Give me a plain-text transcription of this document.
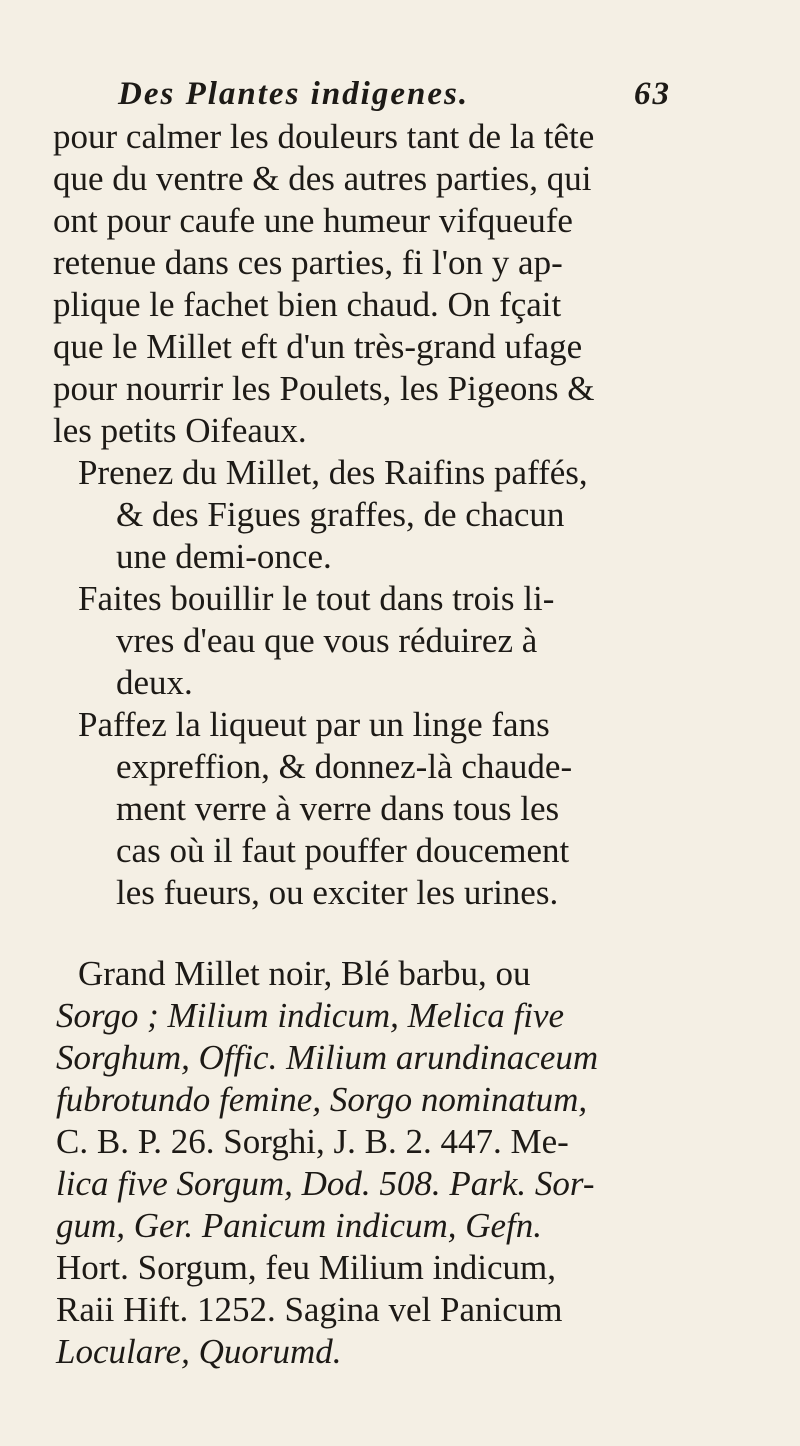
Des Plantes indigenes.	63
pour calmer les douleurs tant de la tête
que du ventre & des autres parties, qui
ont pour caufe une humeur vifqueufe
retenue dans ces parties, fi l'on y ap-
plique le fachet bien chaud. On fçait
que le Millet eft d'un très-grand ufage
pour nourrir les Poulets, les Pigeons &
les petits Oifeaux.
Prenez du Millet, des Raifins paffés,
& des Figues graffes, de chacun
une demi-once.
Faites bouillir le tout dans trois li-
vres d'eau que vous réduirez à
deux.
Paffez la liqueut par un linge fans
expreffion, & donnez-là chaude-
ment verre à verre dans tous les
cas où il faut pouffer doucement
les fueurs, ou exciter les urines.
Grand Millet noir, Blé barbu, ou
Sorgo ; Milium indicum, Melica five
Sorghum, Offic. Milium arundinaceum
fubrotundo femine, Sorgo nominatum,
C. B. P. 26. Sorghi, J. B. 2. 447. Me-
lica five Sorgum, Dod. 508. Park. Sor-
gum, Ger. Panicum indicum, Gefn.
Hort. Sorgum, feu Milium indicum,
Raii Hift. 1252. Sagina vel Panicum
Loculare, Quorumd.
